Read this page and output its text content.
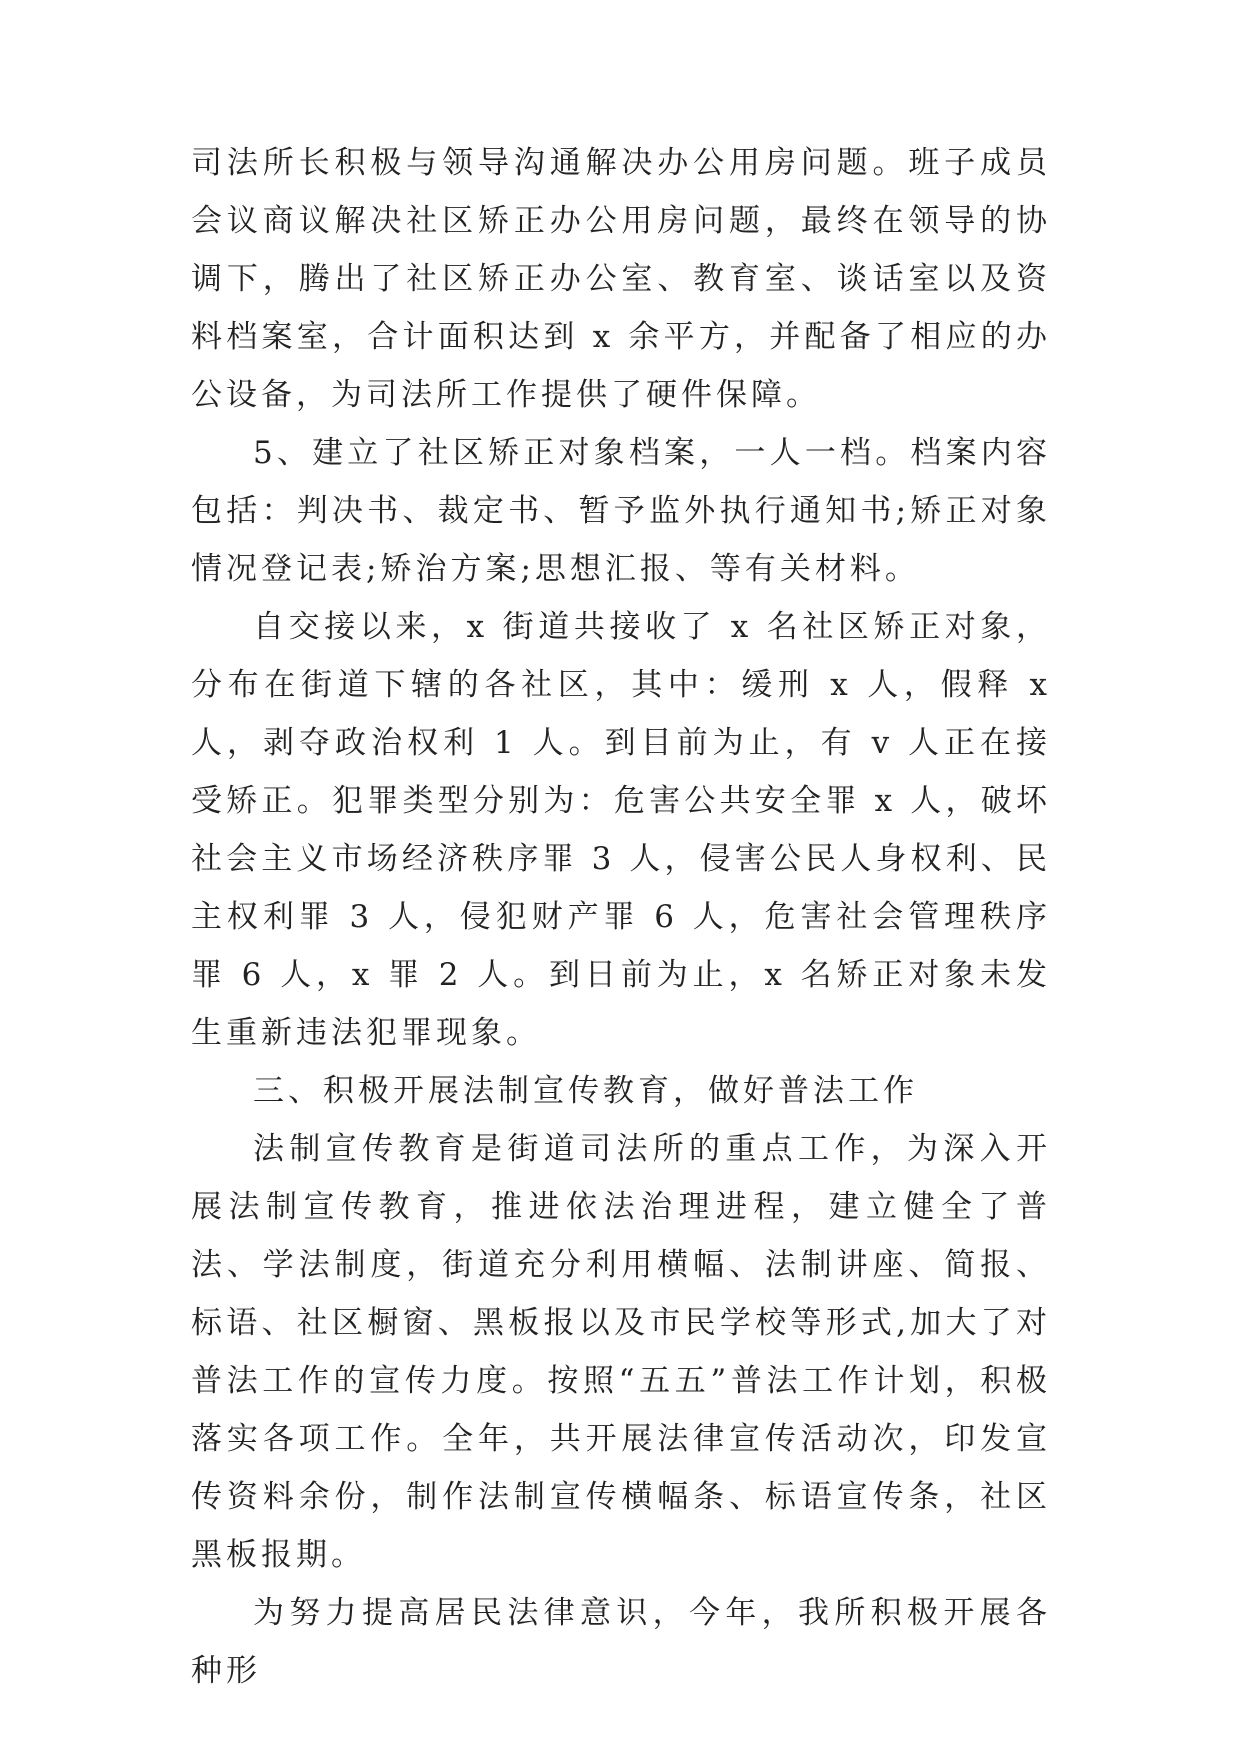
司法所长积极与领导沟通解决办公用房问题。班子成员会议商议解决社区矫正办公用房问题，最终在领导的协调下，腾出了社区矫正办公室、教育室、谈话室以及资料档案室，合计面积达到 x 余平方，并配备了相应的办公设备，为司法所工作提供了硬件保障。

5、建立了社区矫正对象档案，一人一档。档案内容包括：判决书、裁定书、暂予监外执行通知书;矫正对象情况登记表;矫治方案;思想汇报、等有关材料。

自交接以来，x 街道共接收了 x 名社区矫正对象，分布在街道下辖的各社区，其中：缓刑 x 人，假释 x 人，剥夺政治权利 1 人。到目前为止，有 v 人正在接受矫正。犯罪类型分别为：危害公共安全罪 x 人，破坏社会主义市场经济秩序罪 3 人，侵害公民人身权利、民主权利罪 3 人，侵犯财产罪 6 人，危害社会管理秩序罪 6 人，x 罪 2 人。到日前为止，x 名矫正对象未发生重新违法犯罪现象。

三、积极开展法制宣传教育，做好普法工作

法制宣传教育是街道司法所的重点工作，为深入开展法制宣传教育，推进依法治理进程，建立健全了普法、学法制度，街道充分利用横幅、法制讲座、简报、标语、社区橱窗、黑板报以及市民学校等形式,加大了对普法工作的宣传力度。按照“五五”普法工作计划，积极落实各项工作。全年，共开展法律宣传活动次，印发宣传资料余份，制作法制宣传横幅条、标语宣传条，社区黑板报期。

为努力提高居民法律意识，今年，我所积极开展各种形
